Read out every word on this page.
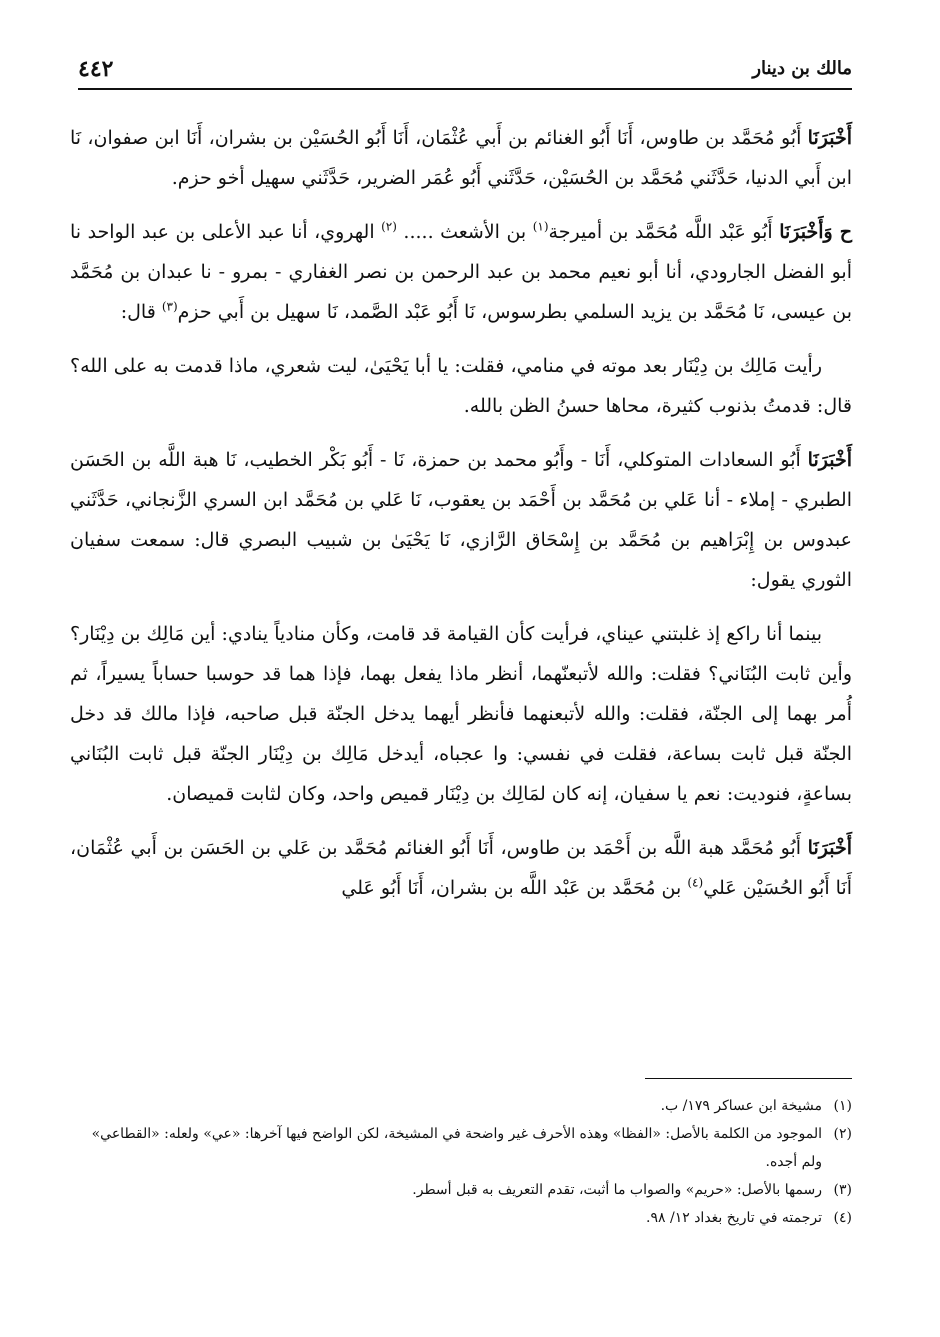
٤٤٢	مالك بن دينار

أَخْبَرَنَا أَبُو مُحَمَّد بن طاوس، أَنَا أَبُو الغنائم بن أَبي عُثْمَان، أَنَا أَبُو الحُسَيْن بن بشران، أَنَا ابن صفوان، نَا ابن أَبي الدنيا، حَدَّثَني مُحَمَّد بن الحُسَيْن، حَدَّثَني أَبُو عُمَر الضرير، حَدَّثَني سهيل أخو حزم.

ح وَأَخْبَرَنَا أَبُو عَبْد اللَّه مُحَمَّد بن أميرجة$^{(١)}$ بن الأشعث ..... $^{(٢)}$ الهروي، أنا عبد الأعلى بن عبد الواحد نا أبو الفضل الجارودي، أنا أبو نعيم محمد بن عبد الرحمن بن نصر الغفاري - بمرو - نا عبدان بن مُحَمَّد بن عيسى، نَا مُحَمَّد بن يزيد السلمي بطرسوس، نَا أَبُو عَبْد الصَّمد، نَا سهيل بن أَبي حزم$^{(٣)}$ قال:

رأيت مَالِك بن دِيْنَار بعد موته في منامي، فقلت: يا أبا يَحْيَىٰ، ليت شعري، ماذا قدمت به على الله؟ قال: قدمتُ بذنوب كثيرة، محاها حسنُ الظن بالله.

أَخْبَرَنَا أَبُو السعادات المتوكلي، أَنَا - وأَبُو محمد بن حمزة، نَا - أَبُو بَكْر الخطيب، نَا هبة اللَّه بن الحَسَن الطبري - إملاء - أنا عَلي بن مُحَمَّد بن أَحْمَد بن يعقوب، نَا عَلي بن مُحَمَّد ابن السري الزَّنجاني، حَدَّثَني عبدوس بن إِبْرَاهيم بن مُحَمَّد بن إِسْحَاق الرَّازي، نَا يَحْيَىٰ بن شبيب البصري قال: سمعت سفيان الثوري يقول:

بينما أنا راكع إذ غلبتني عيناي، فرأيت كأن القيامة قد قامت، وكأن منادياً ينادي: أين مَالِك بن دِيْنَار؟ وأين ثابت البُنَاني؟ فقلت: والله لأتبعنّهما، أنظر ماذا يفعل بهما، فإذا هما قد حوسبا حساباً يسيراً، ثم أُمر بهما إلى الجنّة، فقلت: والله لأتبعنهما فأنظر أيهما يدخل الجنّة قبل صاحبه، فإذا مالك قد دخل الجنّة قبل ثابت بساعة، فقلت في نفسي: وا عجباه، أيدخل مَالِك بن دِيْنَار الجنّة قبل ثابت البُنَاني بساعةٍ، فنوديت: نعم يا سفيان، إنه كان لمَالِك بن دِيْنَار قميص واحد، وكان لثابت قميصان.

أَخْبَرَنَا أَبُو مُحَمَّد هبة اللَّه بن أَحْمَد بن طاوس، أَنَا أَبُو الغنائم مُحَمَّد بن عَلي بن الحَسَن بن أَبي عُثْمَان، أَنَا أَبُو الحُسَيْن عَلي$^{(٤)}$ بن مُحَمَّد بن عَبْد اللَّه بن بشران، أَنَا أَبُو عَلي

(١)
مشيخة ابن عساكر ١٧٩/ ب.
(٢)
الموجود من الكلمة بالأصل: «الفظا» وهذه الأحرف غير واضحة في المشيخة، لكن الواضح فيها آخرها: «عي» ولعله: «القطاعي» ولم أجده.
(٣)
رسمها بالأصل: «حريم» والصواب ما أثبت، تقدم التعريف به قبل أسطر.
(٤)
ترجمته في تاريخ بغداد ١٢/ ٩٨.
